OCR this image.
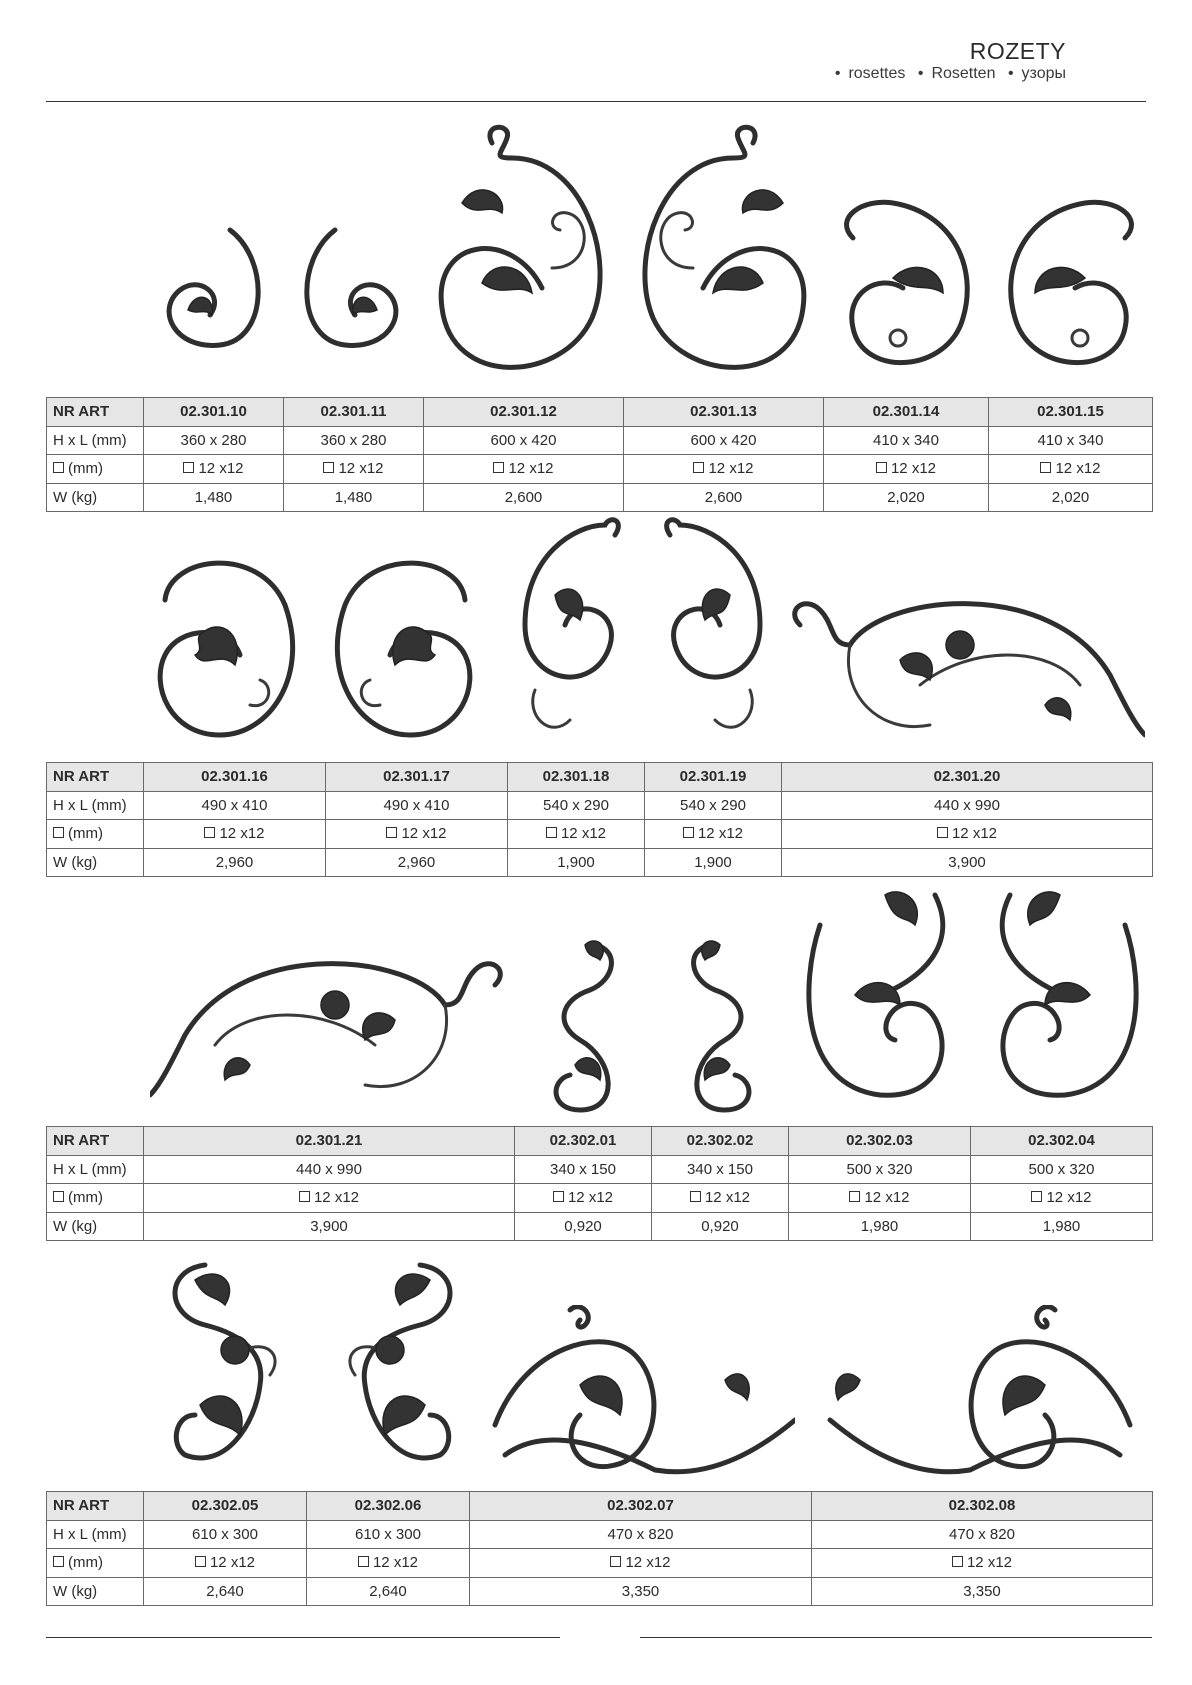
ROZETY
• rosettes • Rosetten • узоры
NR ART	02.301.10	02.301.11	02.301.12	02.301.13	02.301.14	02.301.15
H x L (mm)	360 x 280	360 x 280	600 x 420	600 x 420	410 x 340	410 x 340
(mm)	12 x12	12 x12	12 x12	12 x12	12 x12	12 x12
W (kg)	1,480	1,480	2,600	2,600	2,020	2,020
NR ART	02.301.16	02.301.17	02.301.18	02.301.19	02.301.20
H x L (mm)	490 x 410	490 x 410	540 x 290	540 x 290	440 x 990
(mm)	12 x12	12 x12	12 x12	12 x12	12 x12
W (kg)	2,960	2,960	1,900	1,900	3,900
NR ART	02.301.21	02.302.01	02.302.02	02.302.03	02.302.04
H x L (mm)	440 x 990	340 x 150	340 x 150	500 x 320	500 x 320
(mm)	12 x12	12 x12	12 x12	12 x12	12 x12
W (kg)	3,900	0,920	0,920	1,980	1,980
NR ART	02.302.05	02.302.06	02.302.07	02.302.08
H x L (mm)	610 x 300	610 x 300	470 x 820	470 x 820
(mm)	12 x12	12 x12	12 x12	12 x12
W (kg)	2,640	2,640	3,350	3,350
